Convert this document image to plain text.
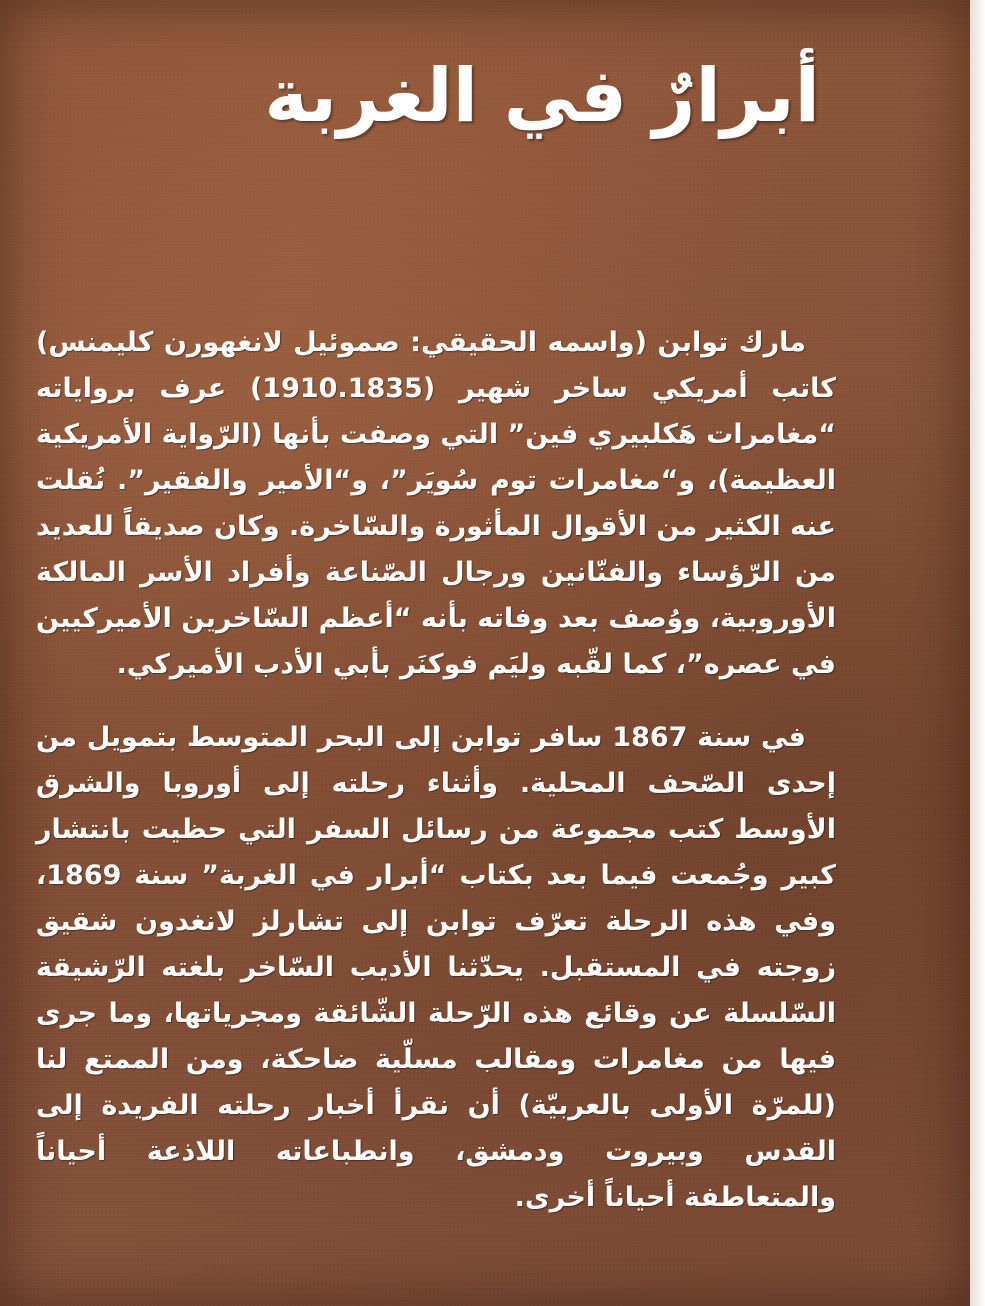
أبرارٌ في الغربة

مارك توابن (واسمه الحقيقي: صموئيل لانغهورن كليمنس) كاتب أمريكي ساخر شهير (1910.1835) عرف برواياته “مغامرات هَكلبيري فين” التي وصفت بأنها (الرّواية الأمريكية العظيمة)، و“مغامرات توم سُويَر”، و“الأمير والفقير”. نُقلت عنه الكثير من الأقوال المأثورة والسّاخرة. وكان صديقاً للعديد من الرّؤساء والفنّانين ورجال الصّناعة وأفراد الأسر المالكة الأوروبية، ووُصف بعد وفاته بأنه “أعظم السّاخرين الأميركيين في عصره”، كما لقّبه وليَم فوكنَر بأبي الأدب الأميركي.

في سنة 1867 سافر توابن إلى البحر المتوسط بتمويل من إحدى الصّحف المحلية. وأثناء رحلته إلى أوروبا والشرق الأوسط كتب مجموعة من رسائل السفر التي حظيت بانتشار كبير وجُمعت فيما بعد بكتاب “أبرار في الغربة” سنة 1869، وفي هذه الرحلة تعرّف توابن إلى تشارلز لانغدون شقيق زوجته في المستقبل. يحدّثنا الأديب السّاخر بلغته الرّشيقة السّلسلة عن وقائع هذه الرّحلة الشّائقة ومجرياتها، وما جرى فيها من مغامرات ومقالب مسلّية ضاحكة، ومن الممتع لنا (للمرّة الأولى بالعربيّة) أن نقرأ أخبار رحلته الفريدة إلى القدس وبيروت ودمشق، وانطباعاته اللاذعة أحياناً والمتعاطفة أحياناً أخرى.
